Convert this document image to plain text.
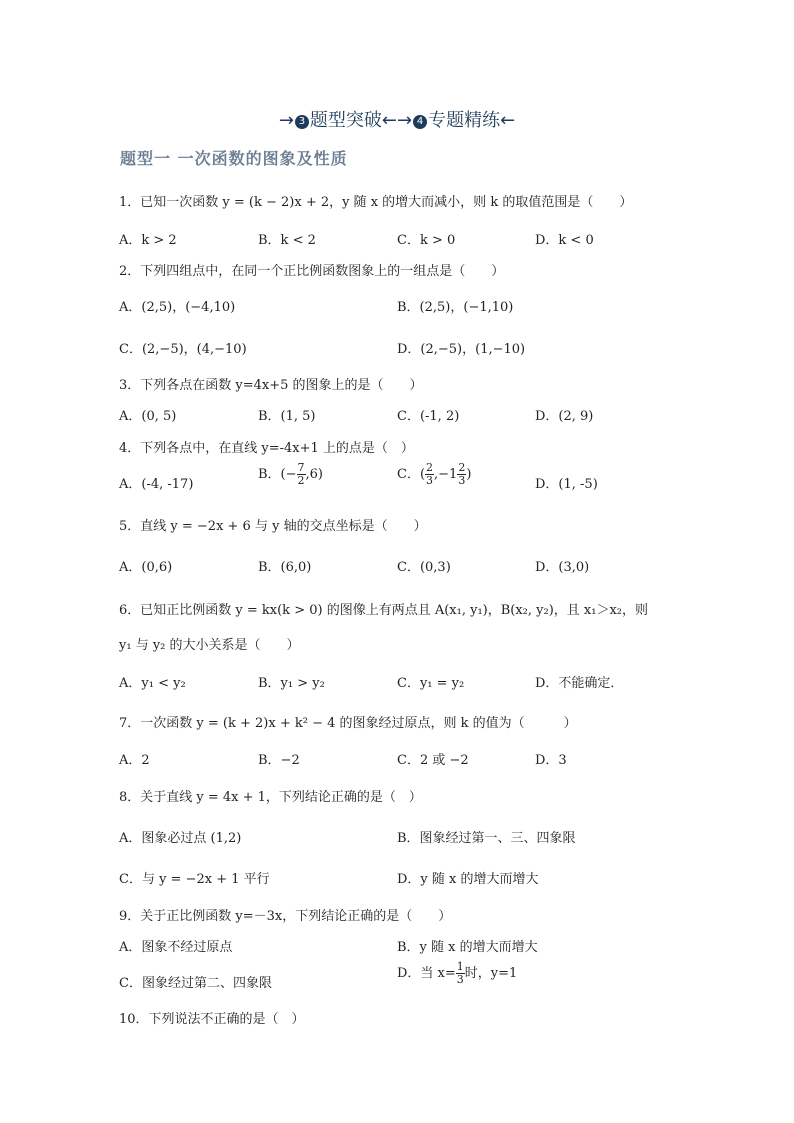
→ 3 题型突破←→ 4 专题精练←
题型一 一次函数的图象及性质
1．已知一次函数 y = (k − 2)x + 2，y 随 x 的增大而减小，则 k 的取值范围是（　　）
A．k > 2	B．k < 2	C．k > 0	D．k < 0
2．下列四组点中，在同一个正比例函数图象上的一组点是（　　）
A．(2,5)，(−4,10)	B．(2,5)，(−1,10)
C．(2,−5)，(4,−10)	D．(2,−5)，(1,−10)
3．下列各点在函数 y=4x+5 的图象上的是（　　）
A．(0, 5)	B．(1, 5)	C．(-1, 2)	D．(2, 9)
4．下列各点中，在直线 y=-4x+1 上的点是（　）
A．(-4, -17)
B．(− $\frac{7}{2} ,6$)	C．( $\frac{2}{3} ,-1 \frac{2}{3}$ )
D．(1, -5)
5．直线 y = −2x + 6 与 y 轴的交点坐标是（　　）
A．(0,6)	B．(6,0)	C．(0,3)	D．(3,0)
6．已知正比例函数 y = kx(k > 0) 的图像上有两点且 A(x₁, y₁)，B(x₂, y₂)，且 x₁＞x₂，则
y₁ 与 y₂ 的大小关系是（　　）
A．y₁ < y₂	B．y₁ > y₂	C．y₁ = y₂	D．不能确定．
7．一次函数 y = (k + 2)x + k² − 4 的图象经过原点，则 k 的值为（　　　）
A．2	B．−2	C．2 或 −2	D．3
8．关于直线 y = 4x + 1，下列结论正确的是（　）
A．图象必过点 (1,2)	B．图象经过第一、三、四象限
C．与 y = −2x + 1 平行	D．y 随 x 的增大而增大
9．关于正比例函数 y=－3x，下列结论正确的是（　　）
A．图象不经过原点	B．y 随 x 的增大而增大
C．图象经过第二、四象限
D．当 $x= \frac{1}{3}$ 时，y=1
10．下列说法不正确的是（　）
